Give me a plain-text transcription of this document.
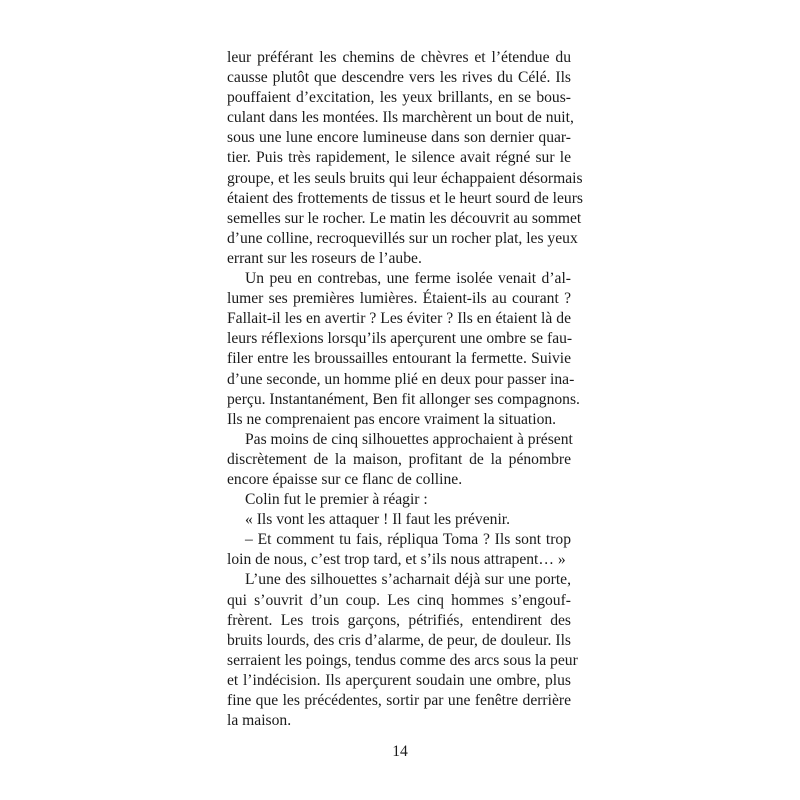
leur préférant les chemins de chèvres et l’étendue du
causse plutôt que descendre vers les rives du Célé. Ils
pouffaient d’excitation, les yeux brillants, en se bous-
culant dans les montées. Ils marchèrent un bout de nuit,
sous une lune encore lumineuse dans son dernier quar-
tier. Puis très rapidement, le silence avait régné sur le
groupe, et les seuls bruits qui leur échappaient désormais
étaient des frottements de tissus et le heurt sourd de leurs
semelles sur le rocher. Le matin les découvrit au sommet
d’une colline, recroquevillés sur un rocher plat, les yeux
errant sur les roseurs de l’aube.
Un peu en contrebas, une ferme isolée venait d’al-
lumer ses premières lumières. Étaient-ils au courant ?
Fallait-il les en avertir ? Les éviter ? Ils en étaient là de
leurs réflexions lorsqu’ils aperçurent une ombre se fau-
filer entre les broussailles entourant la fermette. Suivie
d’une seconde, un homme plié en deux pour passer ina-
perçu. Instantanément, Ben fit allonger ses compagnons.
Ils ne comprenaient pas encore vraiment la situation.
Pas moins de cinq silhouettes approchaient à présent
discrètement de la maison, profitant de la pénombre
encore épaisse sur ce flanc de colline.
Colin fut le premier à réagir :
« Ils vont les attaquer ! Il faut les prévenir.
– Et comment tu fais, répliqua Toma ? Ils sont trop
loin de nous, c’est trop tard, et s’ils nous attrapent… »
L’une des silhouettes s’acharnait déjà sur une porte,
qui s’ouvrit d’un coup. Les cinq hommes s’engouf-
frèrent. Les trois garçons, pétrifiés, entendirent des
bruits lourds, des cris d’alarme, de peur, de douleur. Ils
serraient les poings, tendus comme des arcs sous la peur
et l’indécision. Ils aperçurent soudain une ombre, plus
fine que les précédentes, sortir par une fenêtre derrière
la maison.
14
